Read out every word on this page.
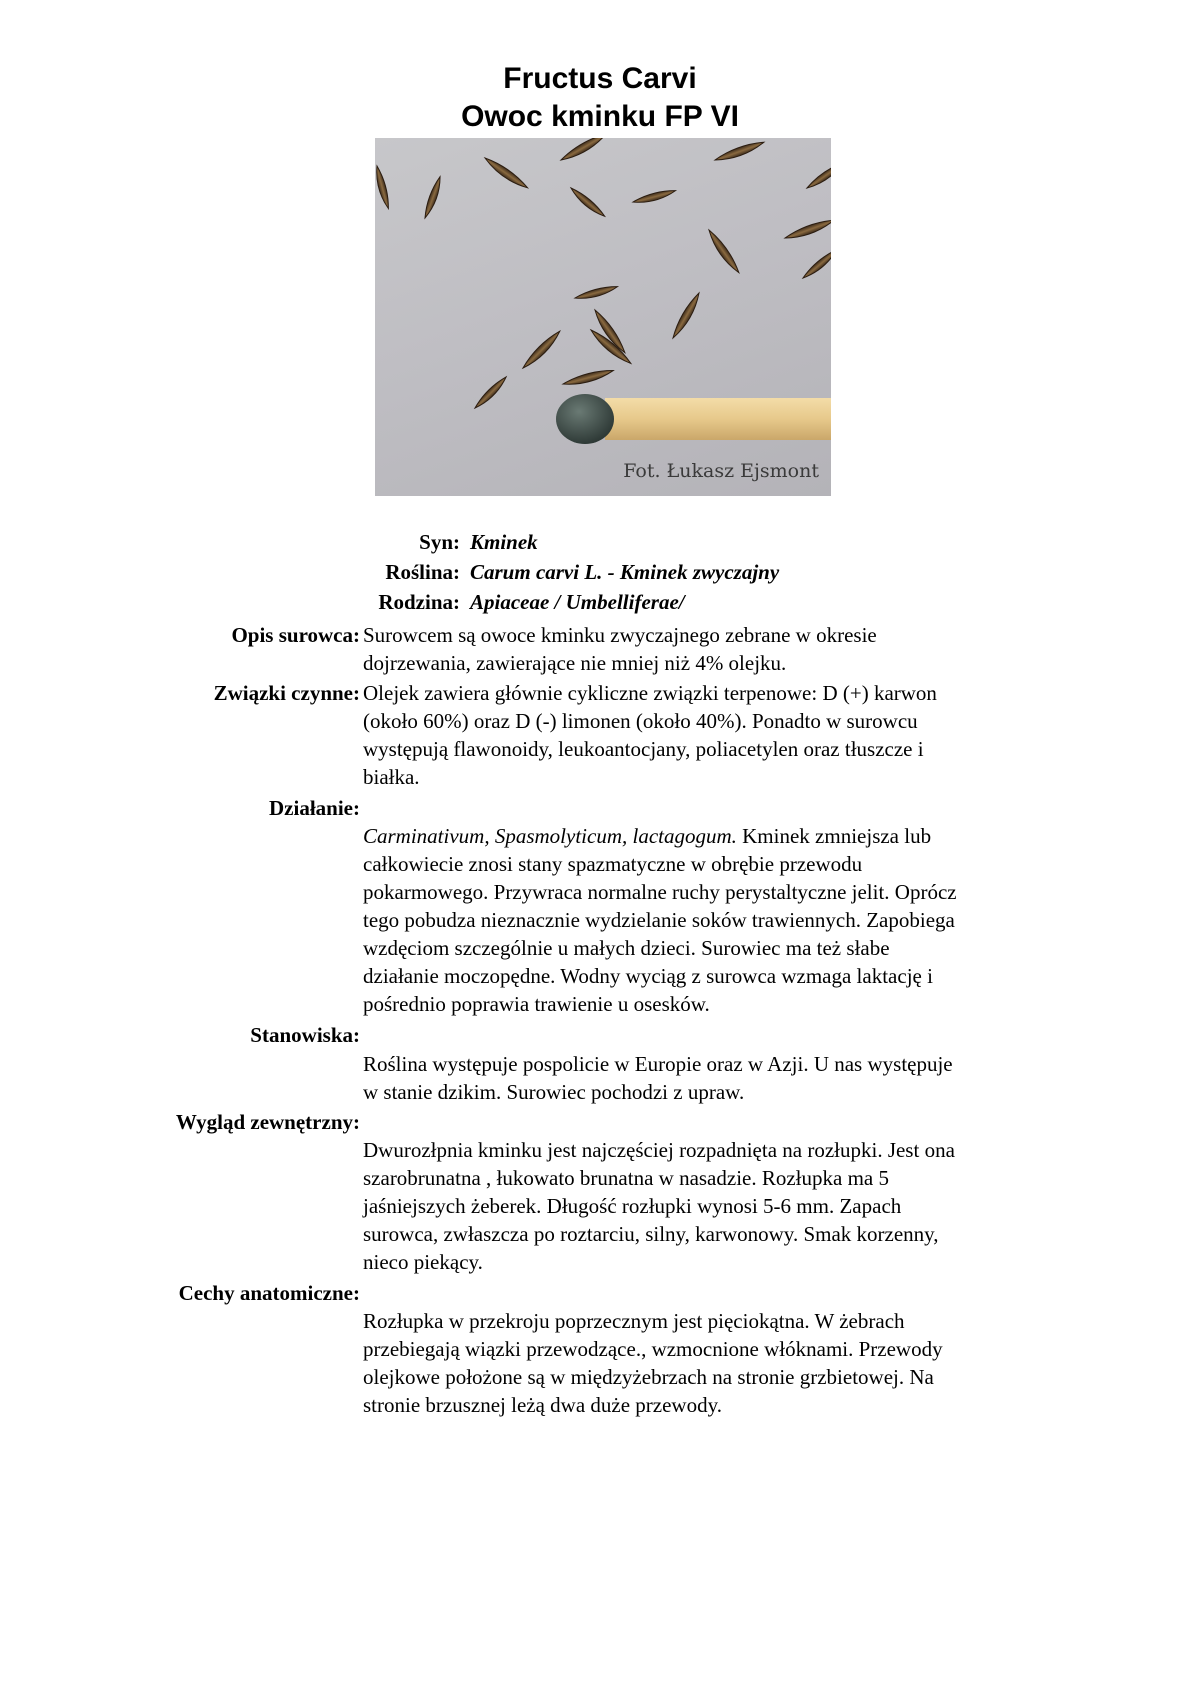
Fructus Carvi
Owoc kminku FP VI
Fot. Łukasz Ejsmont
Syn: Kminek
Roślina: Carum carvi L. - Kminek zwyczajny
Rodzina: Apiaceae / Umbelliferae/
Opis surowca: Surowcem są owoce kminku zwyczajnego zebrane w okresie
dojrzewania, zawierające nie mniej niż 4% olejku.
Związki czynne: Olejek zawiera głównie cykliczne związki terpenowe: D (+) karwon
(około 60%) oraz D (-) limonen (około 40%). Ponadto w surowcu
występują flawonoidy, leukoantocjany, poliacetylen oraz tłuszcze i
białka.
Działanie:
Carminativum, Spasmolyticum, lactagogum. Kminek zmniejsza lub
całkowiecie znosi stany spazmatyczne w obrębie przewodu
pokarmowego. Przywraca normalne ruchy perystaltyczne jelit. Oprócz
tego pobudza nieznacznie wydzielanie soków trawiennych. Zapobiega
wzdęciom szczególnie u małych dzieci. Surowiec ma też słabe
działanie moczopędne. Wodny wyciąg z surowca wzmaga laktację i
pośrednio poprawia trawienie u osesków.
Stanowiska:
Roślina występuje pospolicie w Europie oraz w Azji. U nas występuje
w stanie dzikim. Surowiec pochodzi z upraw.
Wygląd zewnętrzny:
Dwurozłpnia kminku jest najczęściej rozpadnięta na rozłupki. Jest ona
szarobrunatna , łukowato brunatna w nasadzie. Rozłupka ma 5
jaśniejszych żeberek. Długość rozłupki wynosi 5-6 mm. Zapach
surowca, zwłaszcza po roztarciu, silny, karwonowy. Smak korzenny,
nieco piekący.
Cechy anatomiczne:
Rozłupka w przekroju poprzecznym jest pięciokątna. W żebrach
przebiegają wiązki przewodzące., wzmocnione włóknami. Przewody
olejkowe położone są w międzyżebrzach na stronie grzbietowej. Na
stronie brzusznej leżą dwa duże przewody.
